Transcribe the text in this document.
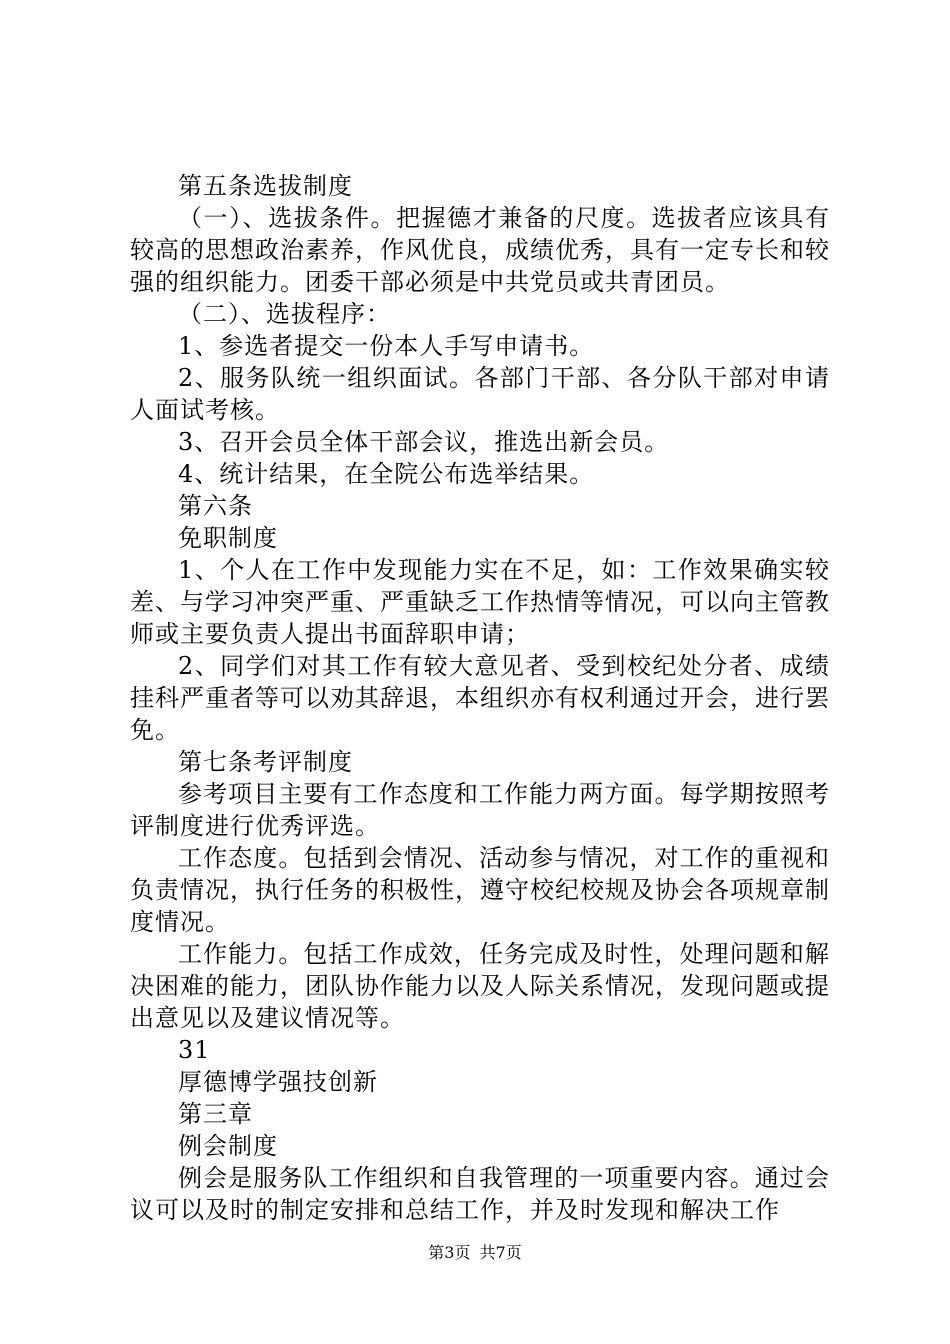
第五条选拔制度

（一）、选拔条件。把握德才兼备的尺度。选拔者应该具有较高的思想政治素养，作风优良，成绩优秀，具有一定专长和较强的组织能力。团委干部必须是中共党员或共青团员。

（二）、选拔程序：

1、参选者提交一份本人手写申请书。

2、服务队统一组织面试。各部门干部、各分队干部对申请人面试考核。

3、召开会员全体干部会议，推选出新会员。

4、统计结果，在全院公布选举结果。

第六条

免职制度

1、个人在工作中发现能力实在不足，如：工作效果确实较差、与学习冲突严重、严重缺乏工作热情等情况，可以向主管教师或主要负责人提出书面辞职申请；

2、同学们对其工作有较大意见者、受到校纪处分者、成绩挂科严重者等可以劝其辞退，本组织亦有权利通过开会，进行罢免。

第七条考评制度

参考项目主要有工作态度和工作能力两方面。每学期按照考评制度进行优秀评选。

工作态度。包括到会情况、活动参与情况，对工作的重视和负责情况，执行任务的积极性，遵守校纪校规及协会各项规章制度情况。

工作能力。包括工作成效，任务完成及时性，处理问题和解决困难的能力，团队协作能力以及人际关系情况，发现问题或提出意见以及建议情况等。

31

厚德博学强技创新

第三章

例会制度

例会是服务队工作组织和自我管理的一项重要内容。通过会议可以及时的制定安排和总结工作，并及时发现和解决工作

第3页 共7页
